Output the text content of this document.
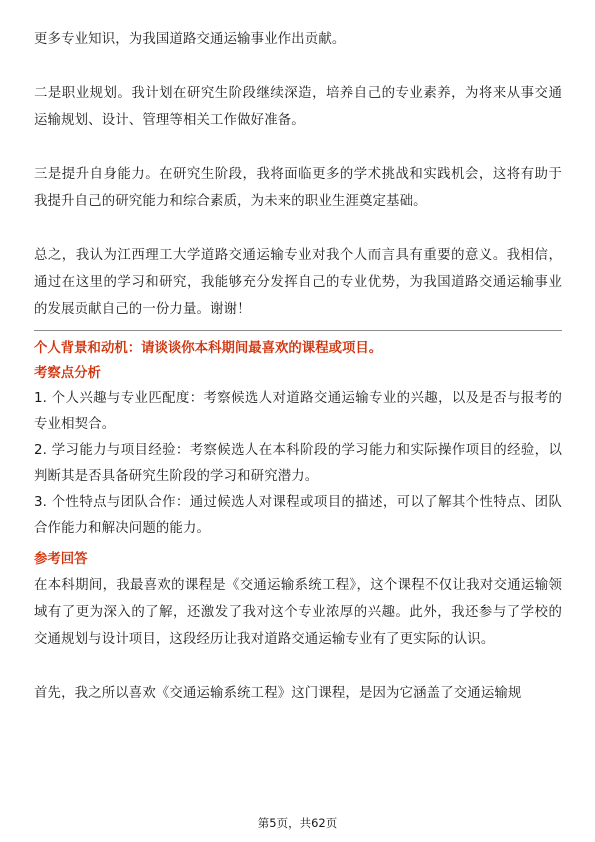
更多专业知识，为我国道路交通运输事业作出贡献。

二是职业规划。我计划在研究生阶段继续深造，培养自己的专业素养，为将来从事交通运输规划、设计、管理等相关工作做好准备。

三是提升自身能力。在研究生阶段，我将面临更多的学术挑战和实践机会，这将有助于我提升自己的研究能力和综合素质，为未来的职业生涯奠定基础。

总之，我认为江西理工大学道路交通运输专业对我个人而言具有重要的意义。我相信，通过在这里的学习和研究，我能够充分发挥自己的专业优势，为我国道路交通运输事业的发展贡献自己的一份力量。谢谢！

个人背景和动机：请谈谈你本科期间最喜欢的课程或项目。
考察点分析

1. 个人兴趣与专业匹配度：考察候选人对道路交通运输专业的兴趣，以及是否与报考的专业相契合。

2. 学习能力与项目经验：考察候选人在本科阶段的学习能力和实际操作项目的经验，以判断其是否具备研究生阶段的学习和研究潜力。

3. 个性特点与团队合作：通过候选人对课程或项目的描述，可以了解其个性特点、团队合作能力和解决问题的能力。

参考回答

在本科期间，我最喜欢的课程是《交通运输系统工程》，这个课程不仅让我对交通运输领域有了更为深入的了解，还激发了我对这个专业浓厚的兴趣。此外，我还参与了学校的交通规划与设计项目，这段经历让我对道路交通运输专业有了更实际的认识。

首先，我之所以喜欢《交通运输系统工程》这门课程，是因为它涵盖了交通运输规

第5页，共62页
